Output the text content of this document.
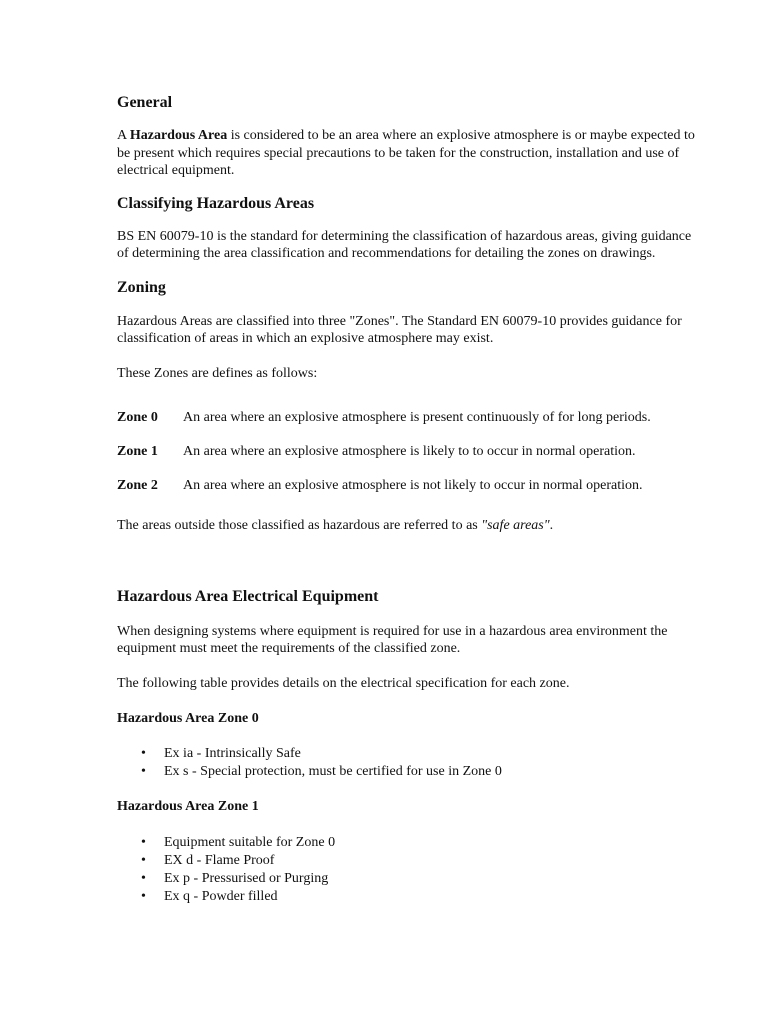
General

A Hazardous Area is considered to be an area where an explosive atmosphere is or maybe expected to be present which requires special precautions to be taken for the construction, installation and use of electrical equipment.

Classifying Hazardous Areas

BS EN 60079-10 is the standard for determining the classification of hazardous areas, giving guidance of determining the area classification and recommendations for detailing the zones on drawings.

Zoning

Hazardous Areas are classified into three "Zones". The Standard EN 60079-10 provides guidance for classification of areas in which an explosive atmosphere may exist.

These Zones are defines as follows:

Zone 0	An area where an explosive atmosphere is present continuously of for long periods.
Zone 1	An area where an explosive atmosphere is likely to to occur in normal operation.
Zone 2	An area where an explosive atmosphere is not likely to occur in normal operation.

The areas outside those classified as hazardous are referred to as "safe areas".

Hazardous Area Electrical Equipment

When designing systems where equipment is required for use in a hazardous area environment the equipment must meet the requirements of the classified zone.

The following table provides details on the electrical specification for each zone.

Hazardous Area Zone 0
• Ex ia - Intrinsically Safe
• Ex s - Special protection, must be certified for use in Zone 0
Hazardous Area Zone 1
• Equipment suitable for Zone 0
• EX d - Flame Proof
• Ex p - Pressurised or Purging
• Ex q - Powder filled
